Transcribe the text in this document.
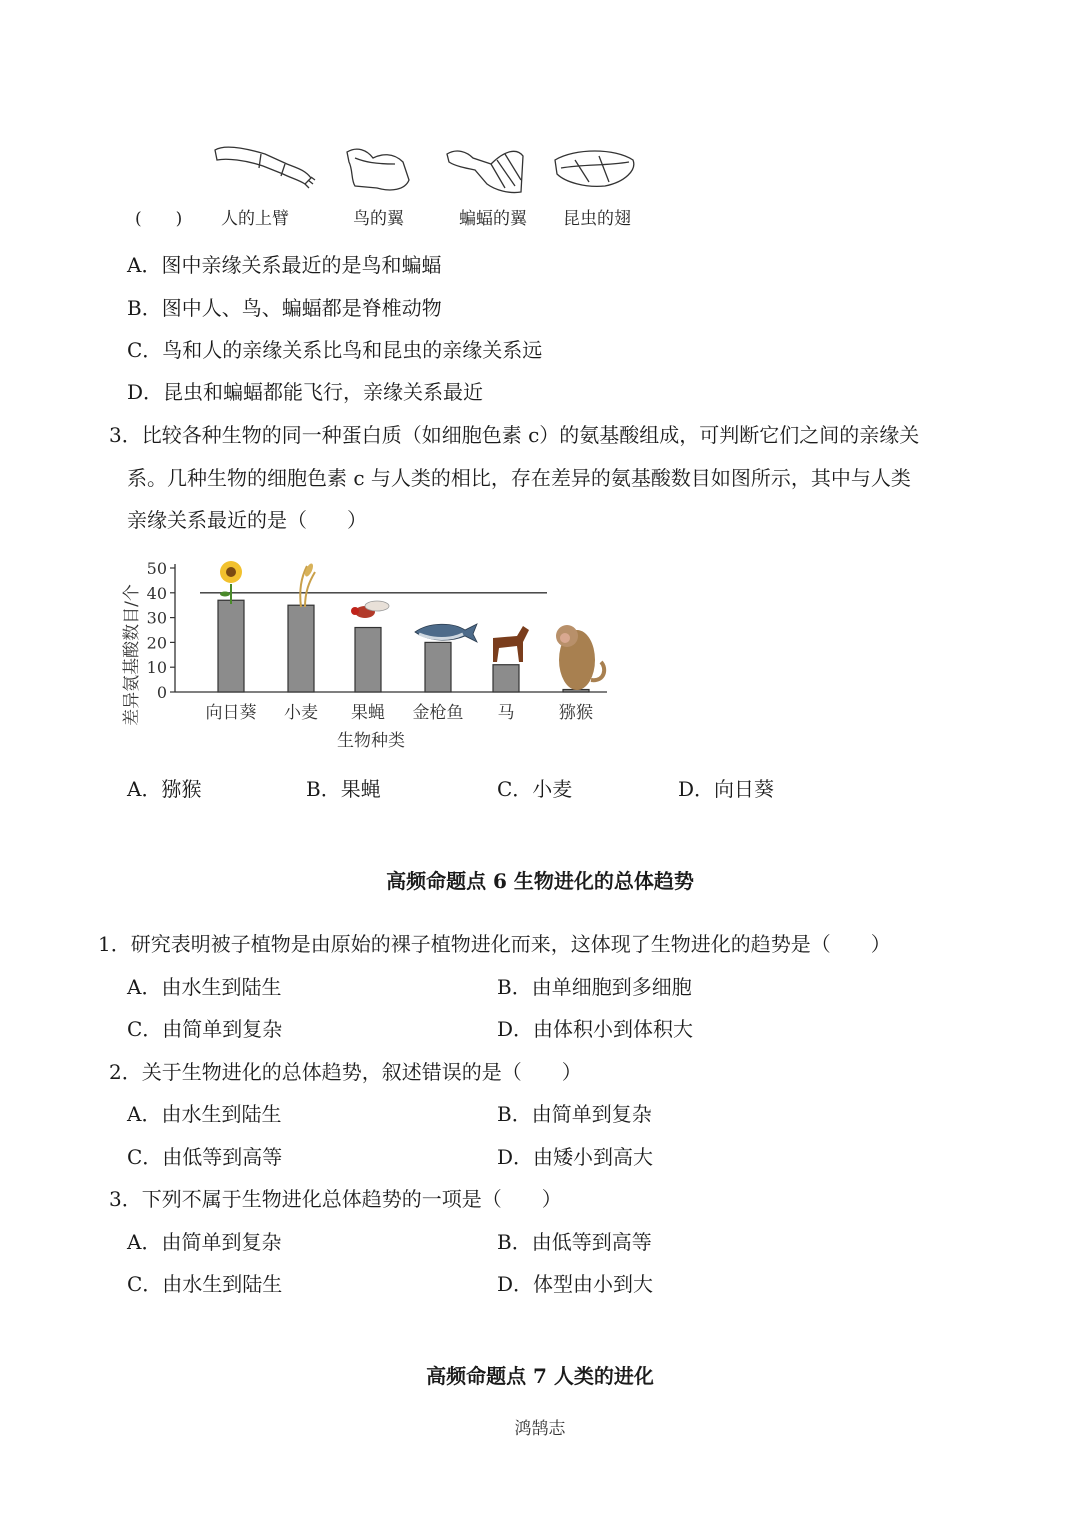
(　　) 人的上臂	鸟的翼	蝙蝠的翼 昆虫的翅
A．图中亲缘关系最近的是鸟和蝙蝠
B．图中人、鸟、蝙蝠都是脊椎动物
C．鸟和人的亲缘关系比鸟和昆虫的亲缘关系远
D．昆虫和蝙蝠都能飞行，亲缘关系最近
3．比较各种生物的同一种蛋白质（如细胞色素 c）的氨基酸组成，可判断它们之间的亲缘关
系。几种生物的细胞色素 c 与人类的相比，存在差异的氨基酸数目如图所示，其中与人类
亲缘关系最近的是（　　）
差异氨基酸数目/个
生物种类
0
10
20
30
40
50
向日葵 小麦 果蝇 金枪鱼 马	猕猴
A．猕猴	B．果蝇	C．小麦	D．向日葵
高频命题点 6 生物进化的总体趋势
1．研究表明被子植物是由原始的裸子植物进化而来，这体现了生物进化的趋势是（　　）
A．由水生到陆生	B．由单细胞到多细胞
C．由简单到复杂	D．由体积小到体积大
2．关于生物进化的总体趋势，叙述错误的是（　　）
A．由水生到陆生	B．由简单到复杂
C．由低等到高等	D．由矮小到高大
3．下列不属于生物进化总体趋势的一项是（　　）
A．由简单到复杂	B．由低等到高等
C．由水生到陆生	D．体型由小到大
高频命题点 7 人类的进化
鸿鹄志
